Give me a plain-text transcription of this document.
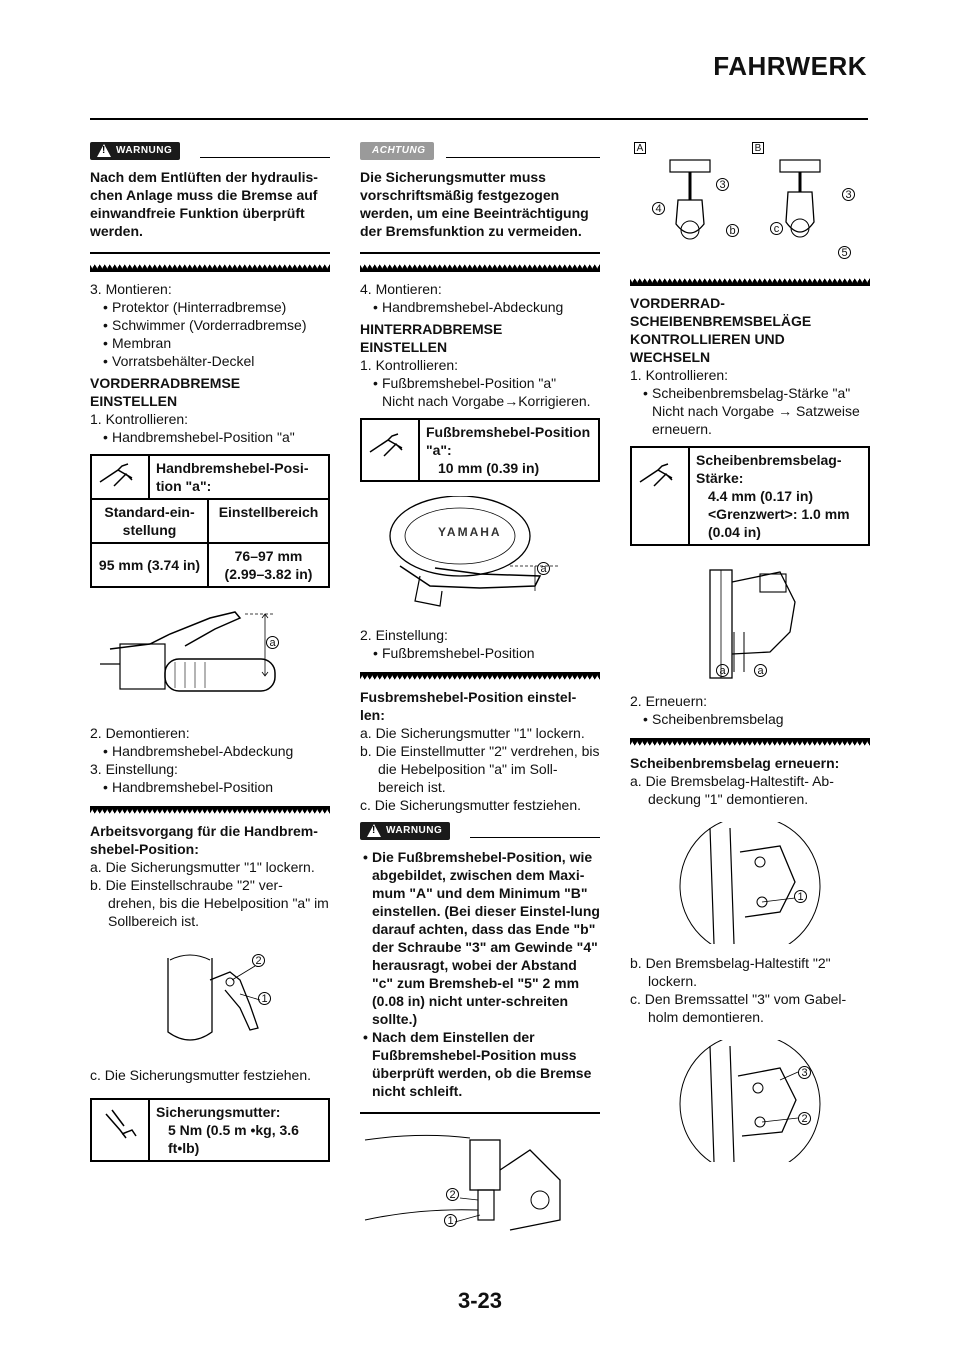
FAHRWERK
!
WARNUNG
Nach dem Entlüften der hydraulis-chen Anlage muss die Bremse auf einwandfreie Funktion überprüft werden.
3. Montieren:
• Protektor (Hinterradbremse)
• Schwimmer (Vorderradbremse)
• Membran
• Vorratsbehälter-Deckel
VORDERRADBREMSE EINSTELLEN
1. Kontrollieren:
• Handbremshebel-Position "a"
Handbremshebel-Posi-tion "a":
Standard-ein-stellung	Einstellbereich
95 mm (3.74 in)	76–97 mm (2.99–3.82 in)
a
2. Demontieren:
• Handbremshebel-Abdeckung
3. Einstellung:
• Handbremshebel-Position
Arbeitsvorgang für die Handbrem-shebel-Position:
a. Die Sicherungsmutter "1" lockern.
b. Die Einstellschraube "2" ver-drehen, bis die Hebelposition "a" im Sollbereich ist.
2
1
c. Die Sicherungsmutter festziehen.
Sicherungsmutter:
5 Nm (0.5 m •kg, 3.6 ft•lb)
ACHTUNG
Die Sicherungsmutter muss vorschriftsmäßig festgezogen werden, um eine Beeinträchtigung der Bremsfunktion zu vermeiden.
4. Montieren:
• Handbremshebel-Abdeckung
HINTERRADBREMSE EINSTELLEN
1. Kontrollieren:
• Fußbremshebel-Position "a"
Nicht nach Vorgabe→Korrigieren.
Fußbremshebel-Position "a":
10 mm (0.39 in)
YAMAHA
a
2. Einstellung:
• Fußbremshebel-Position
Fusbremshebel-Position einstel-len:
a. Die Sicherungsmutter "1" lockern.
b. Die Einstellmutter "2" verdrehen, bis die Hebelposition "a" im Soll-bereich ist.
c. Die Sicherungsmutter festziehen.
!
WARNUNG
• Die Fußbremshebel-Position, wie abgebildet, zwischen dem Maxi-mum "A" und dem Minimum "B" einstellen. (Bei dieser Einstel-lung darauf achten, dass das Ende "b" der Schraube "3" am Gewinde "4" herausragt, wobei der Abstand "c" zum Bremsheb-el "5" 2 mm (0.08 in) nicht unter-schreiten sollte.)
• Nach dem Einstellen der Fußbremshebel-Position muss überprüft werden, ob die Bremse nicht schleift.
2
1
A	B
3
4
b	c
3
5
VORDERRAD-SCHEIBENBREMSBELÄGE KONTROLLIEREN UND WECHSELN
1. Kontrollieren:
• Scheibenbremsbelag-Stärke "a"
Nicht nach Vorgabe → Satzweise erneuern.
Scheibenbremsbelag-Stärke:
4.4 mm (0.17 in)
<Grenzwert>: 1.0 mm
(0.04 in)
a	a
2. Erneuern:
• Scheibenbremsbelag
Scheibenbremsbelag erneuern:
a. Die Bremsbelag-Haltestift- Ab-deckung "1" demontieren.
1
b. Den Bremsbelag-Haltestift "2" lockern.
c. Den Bremssattel "3" vom Gabel-holm demontieren.
3
2
3-23
